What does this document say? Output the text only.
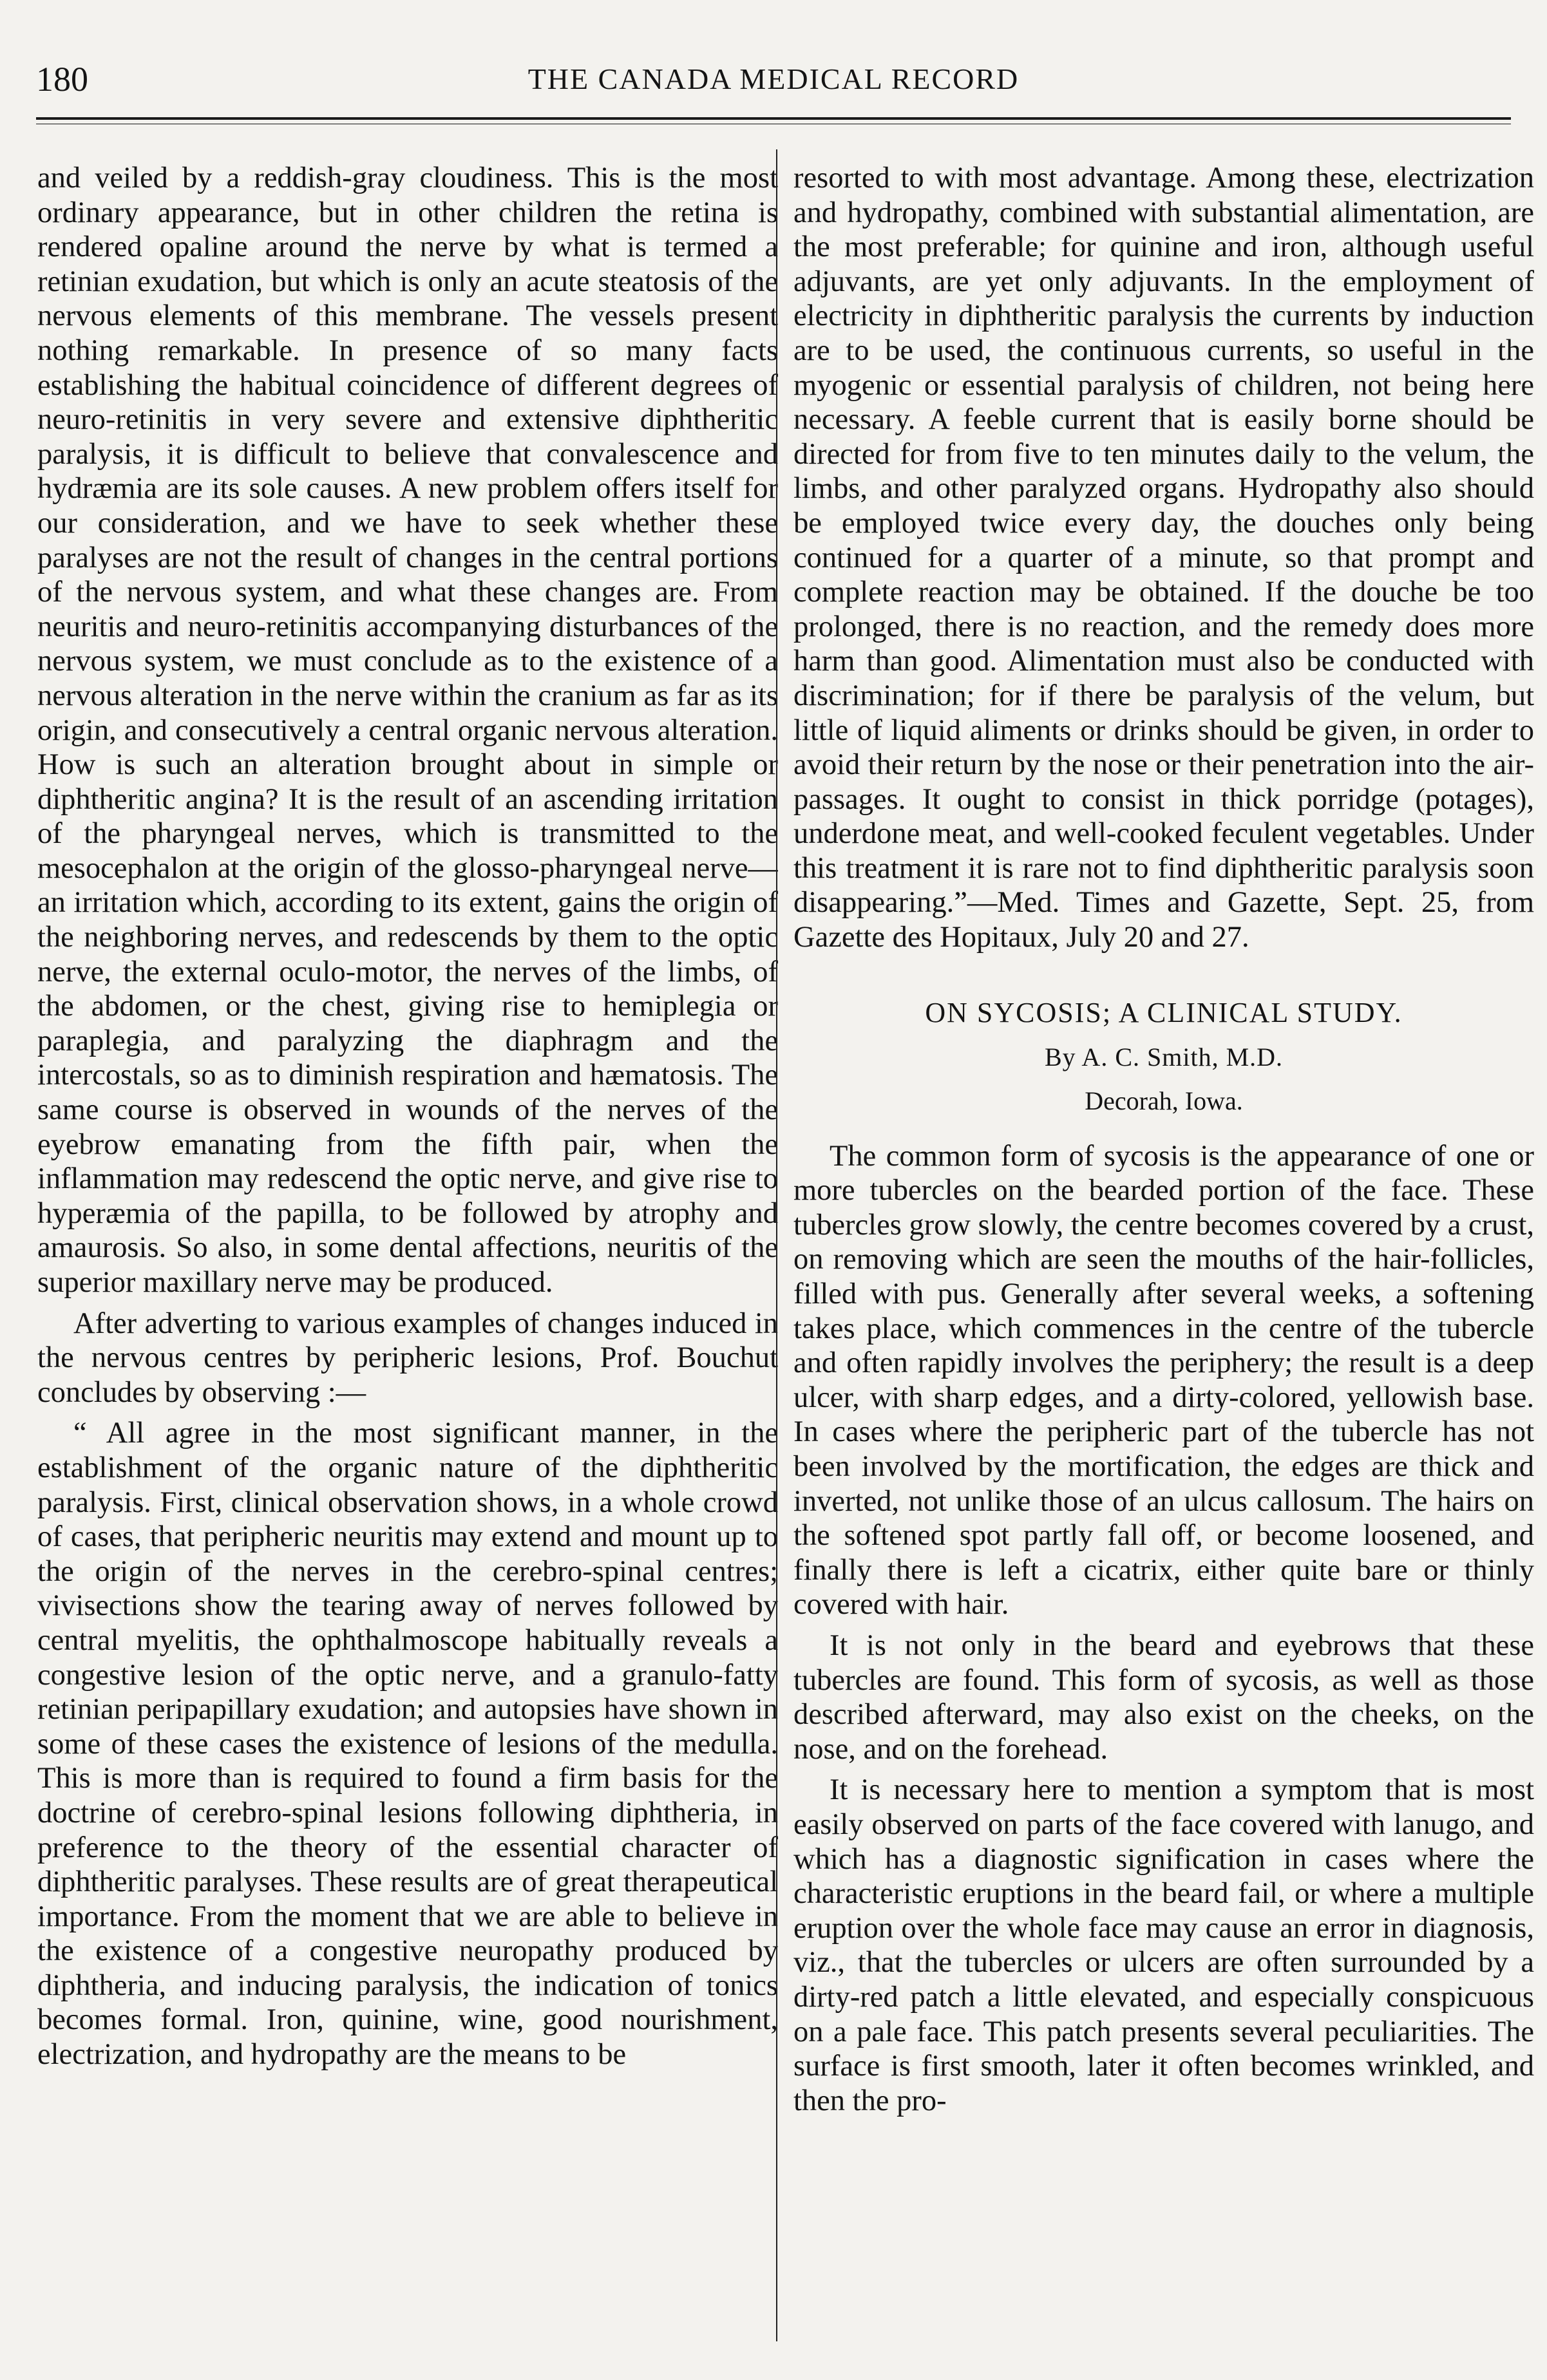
180	THE CANADA MEDICAL RECORD

and veiled by a reddish-gray cloudiness. This is the most ordinary appearance, but in other children the retina is rendered opaline around the nerve by what is termed a retinian exudation, but which is only an acute steatosis of the nervous elements of this membrane. The vessels present nothing remarkable. In presence of so many facts establishing the habitual coincidence of different degrees of neuro-retinitis in very severe and extensive diphtheritic paralysis, it is difficult to believe that convalescence and hydræmia are its sole causes. A new problem offers itself for our consideration, and we have to seek whether these paralyses are not the result of changes in the central portions of the nervous system, and what these changes are. From neuritis and neuro-retinitis accompanying disturbances of the nervous system, we must conclude as to the existence of a nervous alteration in the nerve within the cranium as far as its origin, and consecutively a central organic nervous alteration. How is such an alteration brought about in simple or diphtheritic angina? It is the result of an ascending irritation of the pharyngeal nerves, which is transmitted to the mesocephalon at the origin of the glosso-pharyngeal nerve—an irritation which, according to its extent, gains the origin of the neighboring nerves, and redescends by them to the optic nerve, the external oculo-motor, the nerves of the limbs, of the abdomen, or the chest, giving rise to hemiplegia or paraplegia, and paralyzing the diaphragm and the intercostals, so as to diminish respiration and hæmatosis. The same course is observed in wounds of the nerves of the eyebrow emanating from the fifth pair, when the inflammation may redescend the optic nerve, and give rise to hyperæmia of the papilla, to be followed by atrophy and amaurosis. So also, in some dental affections, neuritis of the superior maxillary nerve may be produced.

After adverting to various examples of changes induced in the nervous centres by peripheric lesions, Prof. Bouchut concludes by observing :—

“ All agree in the most significant manner, in the establishment of the organic nature of the diphtheritic paralysis. First, clinical observation shows, in a whole crowd of cases, that peripheric neuritis may extend and mount up to the origin of the nerves in the cerebro-spinal centres; vivisections show the tearing away of nerves followed by central myelitis, the ophthalmoscope habitually reveals a congestive lesion of the optic nerve, and a granulo-fatty retinian peripapillary exudation; and autopsies have shown in some of these cases the existence of lesions of the medulla. This is more than is required to found a firm basis for the doctrine of cerebro-spinal lesions following diphtheria, in preference to the theory of the essential character of diphtheritic paralyses. These results are of great therapeutical importance. From the moment that we are able to believe in the existence of a congestive neuropathy produced by diphtheria, and inducing paralysis, the indication of tonics becomes formal. Iron, quinine, wine, good nourishment, electrization, and hydropathy are the means to be

resorted to with most advantage. Among these, electrization and hydropathy, combined with substantial alimentation, are the most preferable; for quinine and iron, although useful adjuvants, are yet only adjuvants. In the employment of electricity in diphtheritic paralysis the currents by induction are to be used, the continuous currents, so useful in the myogenic or essential paralysis of children, not being here necessary. A feeble current that is easily borne should be directed for from five to ten minutes daily to the velum, the limbs, and other paralyzed organs. Hydropathy also should be employed twice every day, the douches only being continued for a quarter of a minute, so that prompt and complete reaction may be obtained. If the douche be too prolonged, there is no reaction, and the remedy does more harm than good. Alimentation must also be conducted with discrimination; for if there be paralysis of the velum, but little of liquid aliments or drinks should be given, in order to avoid their return by the nose or their penetration into the air-passages. It ought to consist in thick porridge (potages), underdone meat, and well-cooked feculent vegetables. Under this treatment it is rare not to find diphtheritic paralysis soon disappearing.”—Med. Times and Gazette, Sept. 25, from Gazette des Hopitaux, July 20 and 27.

ON SYCOSIS; A CLINICAL STUDY.
By A. C. Smith, M.D.
Decorah, Iowa.

The common form of sycosis is the appearance of one or more tubercles on the bearded portion of the face. These tubercles grow slowly, the centre becomes covered by a crust, on removing which are seen the mouths of the hair-follicles, filled with pus. Generally after several weeks, a softening takes place, which commences in the centre of the tubercle and often rapidly involves the periphery; the result is a deep ulcer, with sharp edges, and a dirty-colored, yellowish base. In cases where the peripheric part of the tubercle has not been involved by the mortification, the edges are thick and inverted, not unlike those of an ulcus callosum. The hairs on the softened spot partly fall off, or become loosened, and finally there is left a cicatrix, either quite bare or thinly covered with hair.

It is not only in the beard and eyebrows that these tubercles are found. This form of sycosis, as well as those described afterward, may also exist on the cheeks, on the nose, and on the forehead.

It is necessary here to mention a symptom that is most easily observed on parts of the face covered with lanugo, and which has a diagnostic signification in cases where the characteristic eruptions in the beard fail, or where a multiple eruption over the whole face may cause an error in diagnosis, viz., that the tubercles or ulcers are often surrounded by a dirty-red patch a little elevated, and especially conspicuous on a pale face. This patch presents several peculiarities. The surface is first smooth, later it often becomes wrinkled, and then the pro-
